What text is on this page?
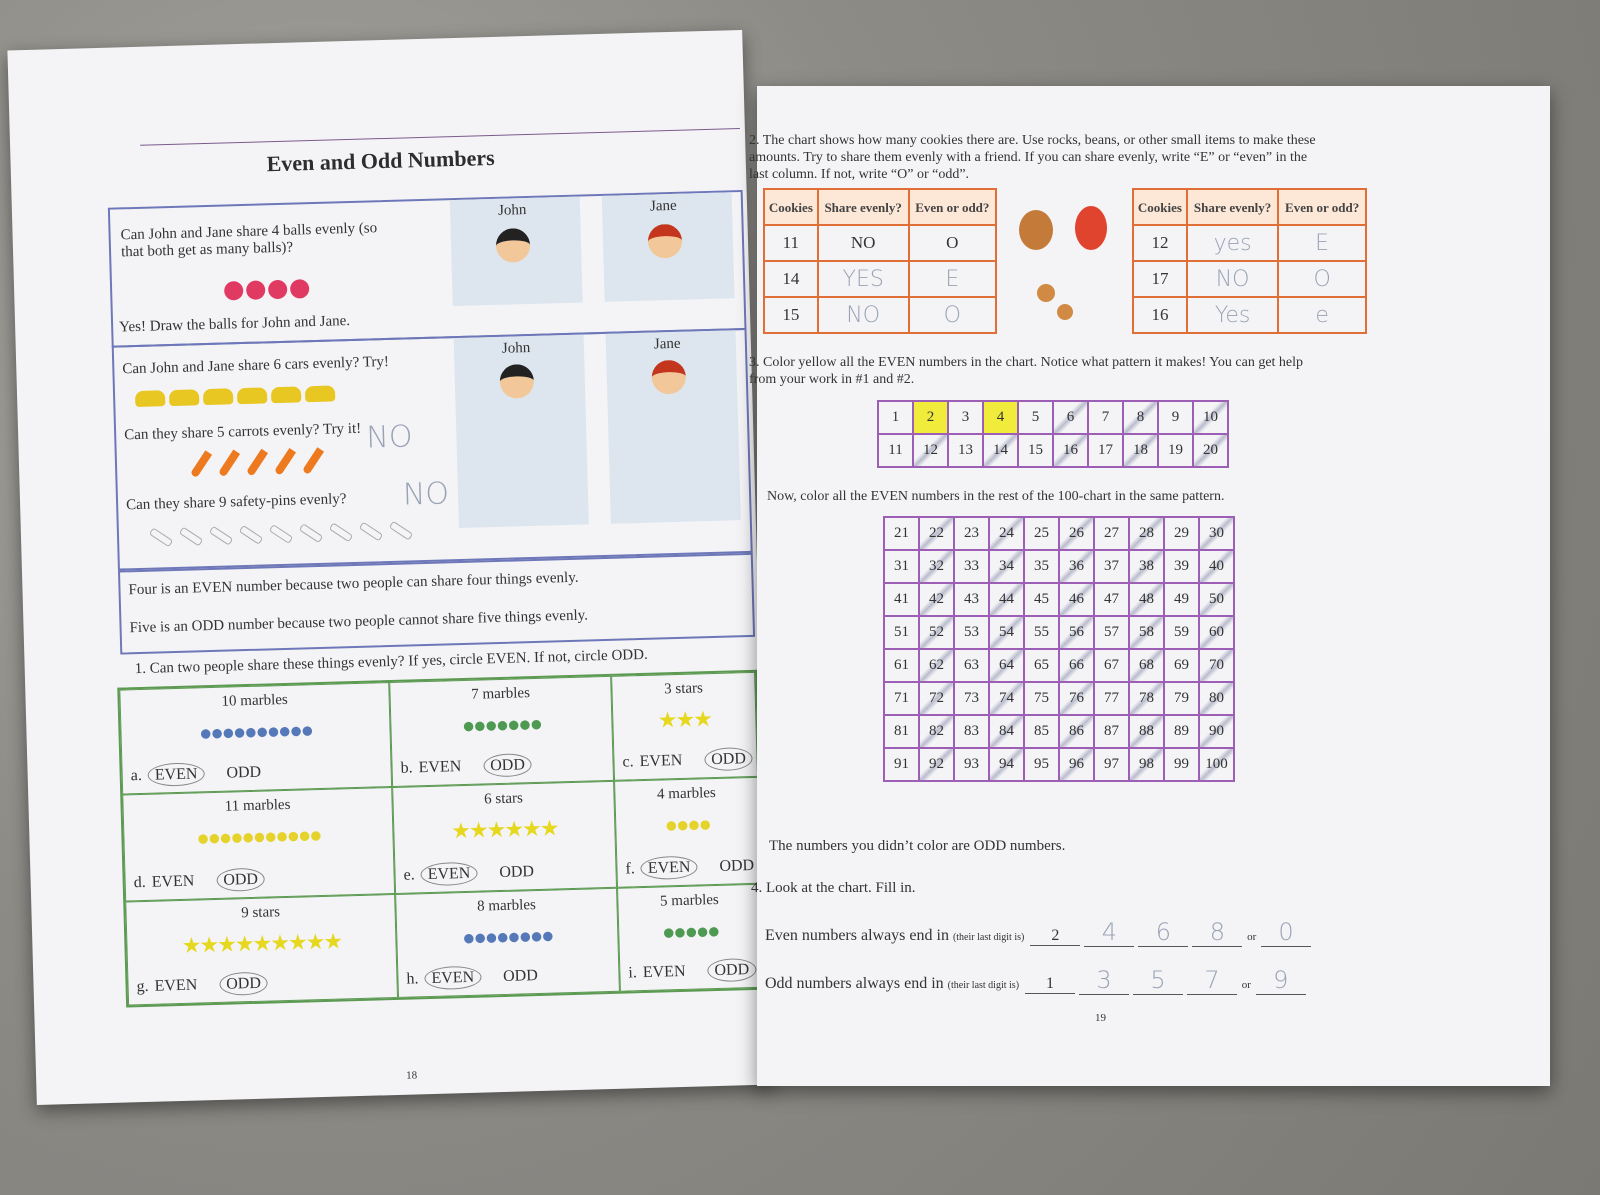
Even and Odd Numbers
Can John and Jane share 4 balls evenly (so that both get as many balls)?
Yes! Draw the balls for John and Jane.
John	Jane
Can John and Jane share 6 cars evenly? Try!
Can they share 5 carrots evenly? Try it! NO
Can they share 9 safety-pins evenly? NO
John	Jane
Four is an EVEN number because two people can share four things evenly.
Five is an ODD number because two people cannot share five things evenly.
1. Can two people share these things evenly? If yes, circle EVEN. If not, circle ODD.
10 marbles
●●●●●●●●●●
a. EVEN ODD
7 marbles
●●●●●●●
b. EVEN ODD
3 stars
★★★
c. EVEN ODD
11 marbles
●●●●●●●●●●●
d. EVEN ODD
6 stars
★★★★★★
e. EVEN ODD
4 marbles
●●●●
f. EVEN ODD
9 stars
★★★★★★★★★
g. EVEN ODD
8 marbles
●●●●●●●●
h. EVEN ODD
5 marbles
●●●●●
i. EVEN ODD
18
2. The chart shows how many cookies there are. Use rocks, beans, or other small items to make these amounts. Try to share them evenly with a friend. If you can share evenly, write “E” or “even” in the last column. If not, write “O” or “odd”.
Cookies	Share evenly?	Even or odd?
11	NO	O
14	YES	E
15	NO	O
Cookies	Share evenly?	Even or odd?
12	yes	E
17	NO	O
16	Yes	e
3. Color yellow all the EVEN numbers in the chart. Notice what pattern it makes! You can get help from your work in #1 and #2.
1	2	3	4	5	6	7	8	9	10
11	12	13	14	15	16	17	18	19	20
Now, color all the EVEN numbers in the rest of the 100-chart in the same pattern.
21	22	23	24	25	26	27	28	29	30
31	32	33	34	35	36	37	38	39	40
41	42	43	44	45	46	47	48	49	50
51	52	53	54	55	56	57	58	59	60
61	62	63	64	65	66	67	68	69	70
71	72	73	74	75	76	77	78	79	80
81	82	83	84	85	86	87	88	89	90
91	92	93	94	95	96	97	98	99	100
The numbers you didn’t color are ODD numbers.
4. Look at the chart. Fill in.
Even numbers always end in (their last digit is) 2 4 6 8 or 0
Odd numbers always end in (their last digit is) 1 3 5 7 or 9
19
